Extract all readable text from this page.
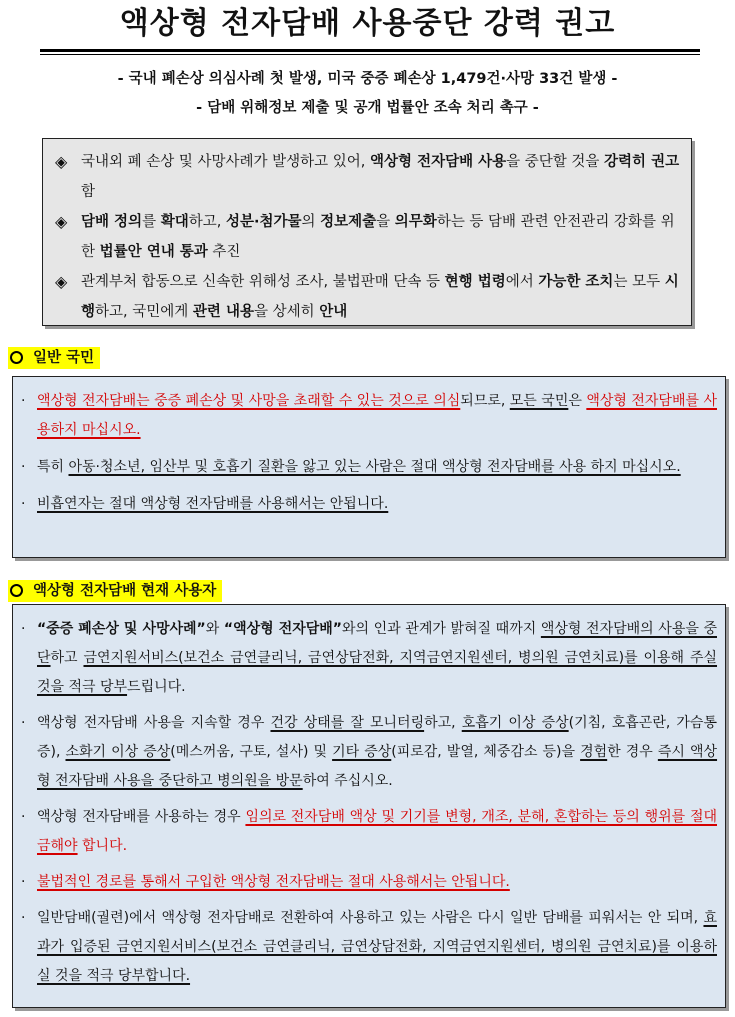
액상형 전자담배 사용중단 강력 권고
- 국내 폐손상 의심사례 첫 발생, 미국 중증 폐손상 1,479건·사망 33건 발생 -
- 담배 위해정보 제출 및 공개 법률안 조속 처리 촉구 -
◈ 국내외 폐 손상 및 사망사례가 발생하고 있어, 액상형 전자담배 사용을 중단할 것을 강력히 권고함
◈ 담배 정의를 확대하고, 성분·첨가물의 정보제출을 의무화하는 등 담배 관련 안전관리 강화를 위한 법률안 연내 통과 추진
◈ 관계부처 합동으로 신속한 위해성 조사, 불법판매 단속 등 현행 법령에서 가능한 조치는 모두 시행하고, 국민에게 관련 내용을 상세히 안내
일반 국민
· 액상형 전자담배는 중증 폐손상 및 사망을 초래할 수 있는 것으로 의심되므로, 모든 국민은 액상형 전자담배를 사용하지 마십시오.
· 특히 아동·청소년, 임산부 및 호흡기 질환을 앓고 있는 사람은 절대 액상형 전자담배를 사용 하지 마십시오.
· 비흡연자는 절대 액상형 전자담배를 사용해서는 안됩니다.
액상형 전자담배 현재 사용자
· “중증 폐손상 및 사망사례”와 “액상형 전자담배”와의 인과 관계가 밝혀질 때까지 액상형 전자담배의 사용을 중단하고 금연지원서비스(보건소 금연클리닉, 금연상담전화, 지역금연지원센터, 병의원 금연치료)를 이용해 주실 것을 적극 당부드립니다.
· 액상형 전자담배 사용을 지속할 경우 건강 상태를 잘 모니터링하고, 호흡기 이상 증상(기침, 호흡곤란, 가슴통증), 소화기 이상 증상(메스꺼움, 구토, 설사) 및 기타 증상(피로감, 발열, 체중감소 등)을 경험한 경우 즉시 액상형 전자담배 사용을 중단하고 병의원을 방문하여 주십시오.
· 액상형 전자담배를 사용하는 경우 임의로 전자담배 액상 및 기기를 변형, 개조, 분해, 혼합하는 등의 행위를 절대 금해야 합니다.
· 불법적인 경로를 통해서 구입한 액상형 전자담배는 절대 사용해서는 안됩니다.
· 일반담배(궐련)에서 액상형 전자담배로 전환하여 사용하고 있는 사람은 다시 일반 담배를 피워서는 안 되며, 효과가 입증된 금연지원서비스(보건소 금연클리닉, 금연상담전화, 지역금연지원센터, 병의원 금연치료)를 이용하실 것을 적극 당부합니다.
